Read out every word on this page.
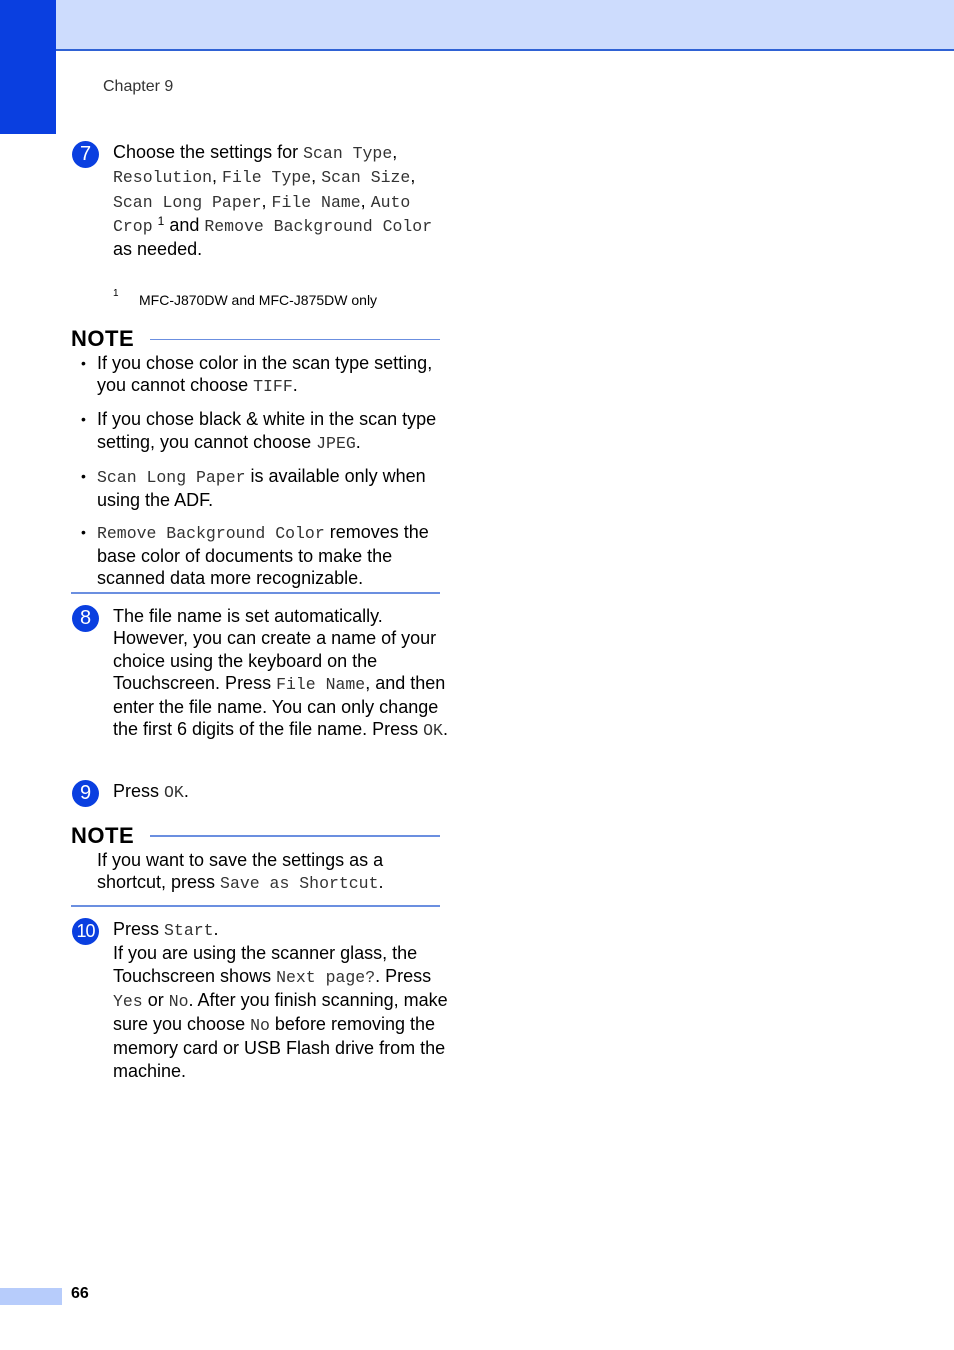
Chapter 9
7	Choose the settings for Scan Type, Resolution, File Type, Scan Size, Scan Long Paper, File Name, Auto Crop $^1$ and Remove Background Color as needed.
1 MFC-J870DW and MFC-J875DW only
NOTE
• If you chose color in the scan type setting, you cannot choose TIFF.
• If you chose black & white in the scan type setting, you cannot choose JPEG.
• Scan Long Paper is available only when using the ADF.
• Remove Background Color removes the base color of documents to make the scanned data more recognizable.
8	The file name is set automatically. However, you can create a name of your choice using the keyboard on the Touchscreen. Press File Name, and then enter the file name. You can only change the first 6 digits of the file name. Press OK.
9	Press OK.
NOTE
If you want to save the settings as a shortcut, press Save as Shortcut.
10 Press Start.
If you are using the scanner glass, the Touchscreen shows Next page?. Press Yes or No. After you finish scanning, make sure you choose No before removing the memory card or USB Flash drive from the machine.
66
